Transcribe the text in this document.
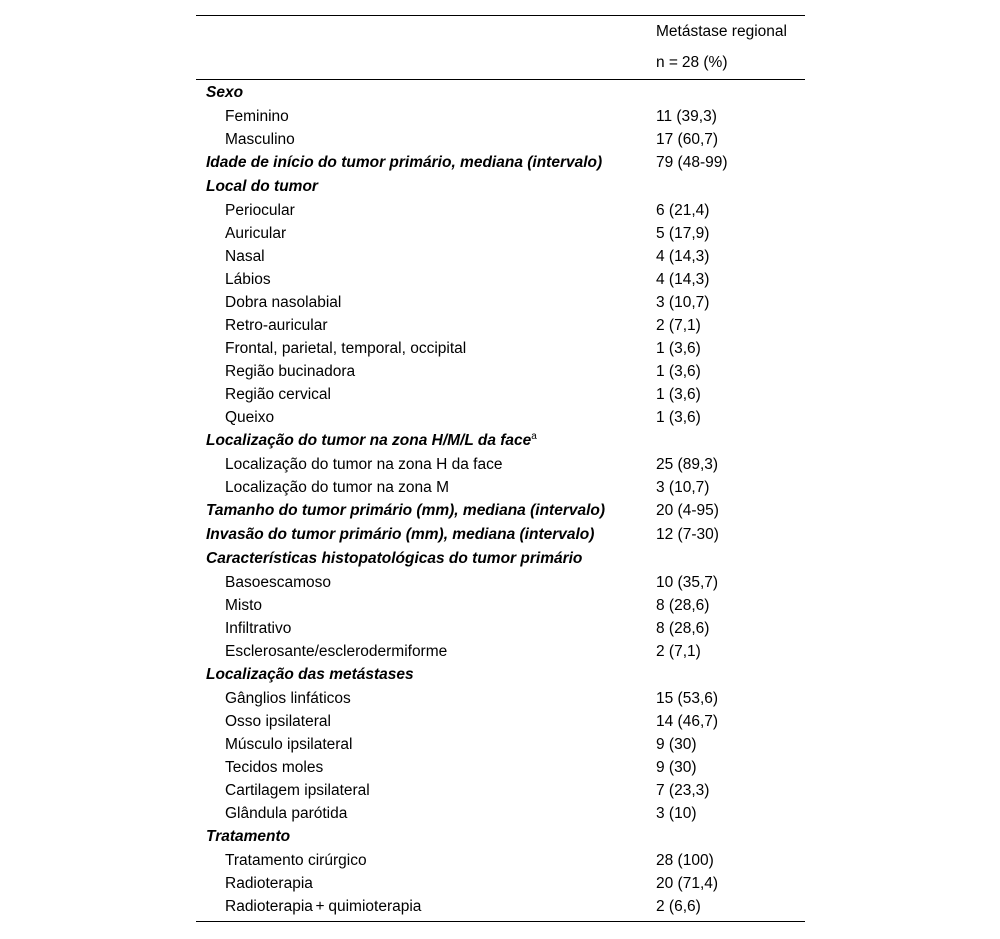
Metástase regional
n	=	28 (%)
Sexo
Feminino	11 (39,3)
Masculino	17 (60,7)
Idade de início do tumor primário, mediana (intervalo)	79 (48-99)
Local do tumor
Periocular	6 (21,4)
Auricular	5 (17,9)
Nasal	4 (14,3)
Lábios	4 (14,3)
Dobra nasolabial	3 (10,7)
Retro-auricular	2 (7,1)
Frontal, parietal, temporal, occipital	1 (3,6)
Região bucinadora	1 (3,6)
Região cervical	1 (3,6)
Queixo	1 (3,6)
Localização do tumor na zona H/M/L da face$^a$
Localização do tumor na zona H da face	25 (89,3)
Localização do tumor na zona M	3 (10,7)
Tamanho do tumor primário (mm), mediana (intervalo)	20 (4-95)
Invasão do tumor primário (mm), mediana (intervalo)	12 (7-30)
Características histopatológicas do tumor primário
Basoescamoso	10 (35,7)
Misto	8 (28,6)
Infiltrativo	8 (28,6)
Esclerosante/esclerodermiforme	2 (7,1)
Localização das metástases
Gânglios linfáticos	15 (53,6)
Osso ipsilateral	14 (46,7)
Músculo ipsilateral	9 (30)
Tecidos moles	9 (30)
Cartilagem ipsilateral	7 (23,3)
Glândula parótida	3 (10)
Tratamento
Tratamento cirúrgico	28 (100)
Radioterapia	20 (71,4)
Radioterapia	+	quimioterapia	2 (6,6)
